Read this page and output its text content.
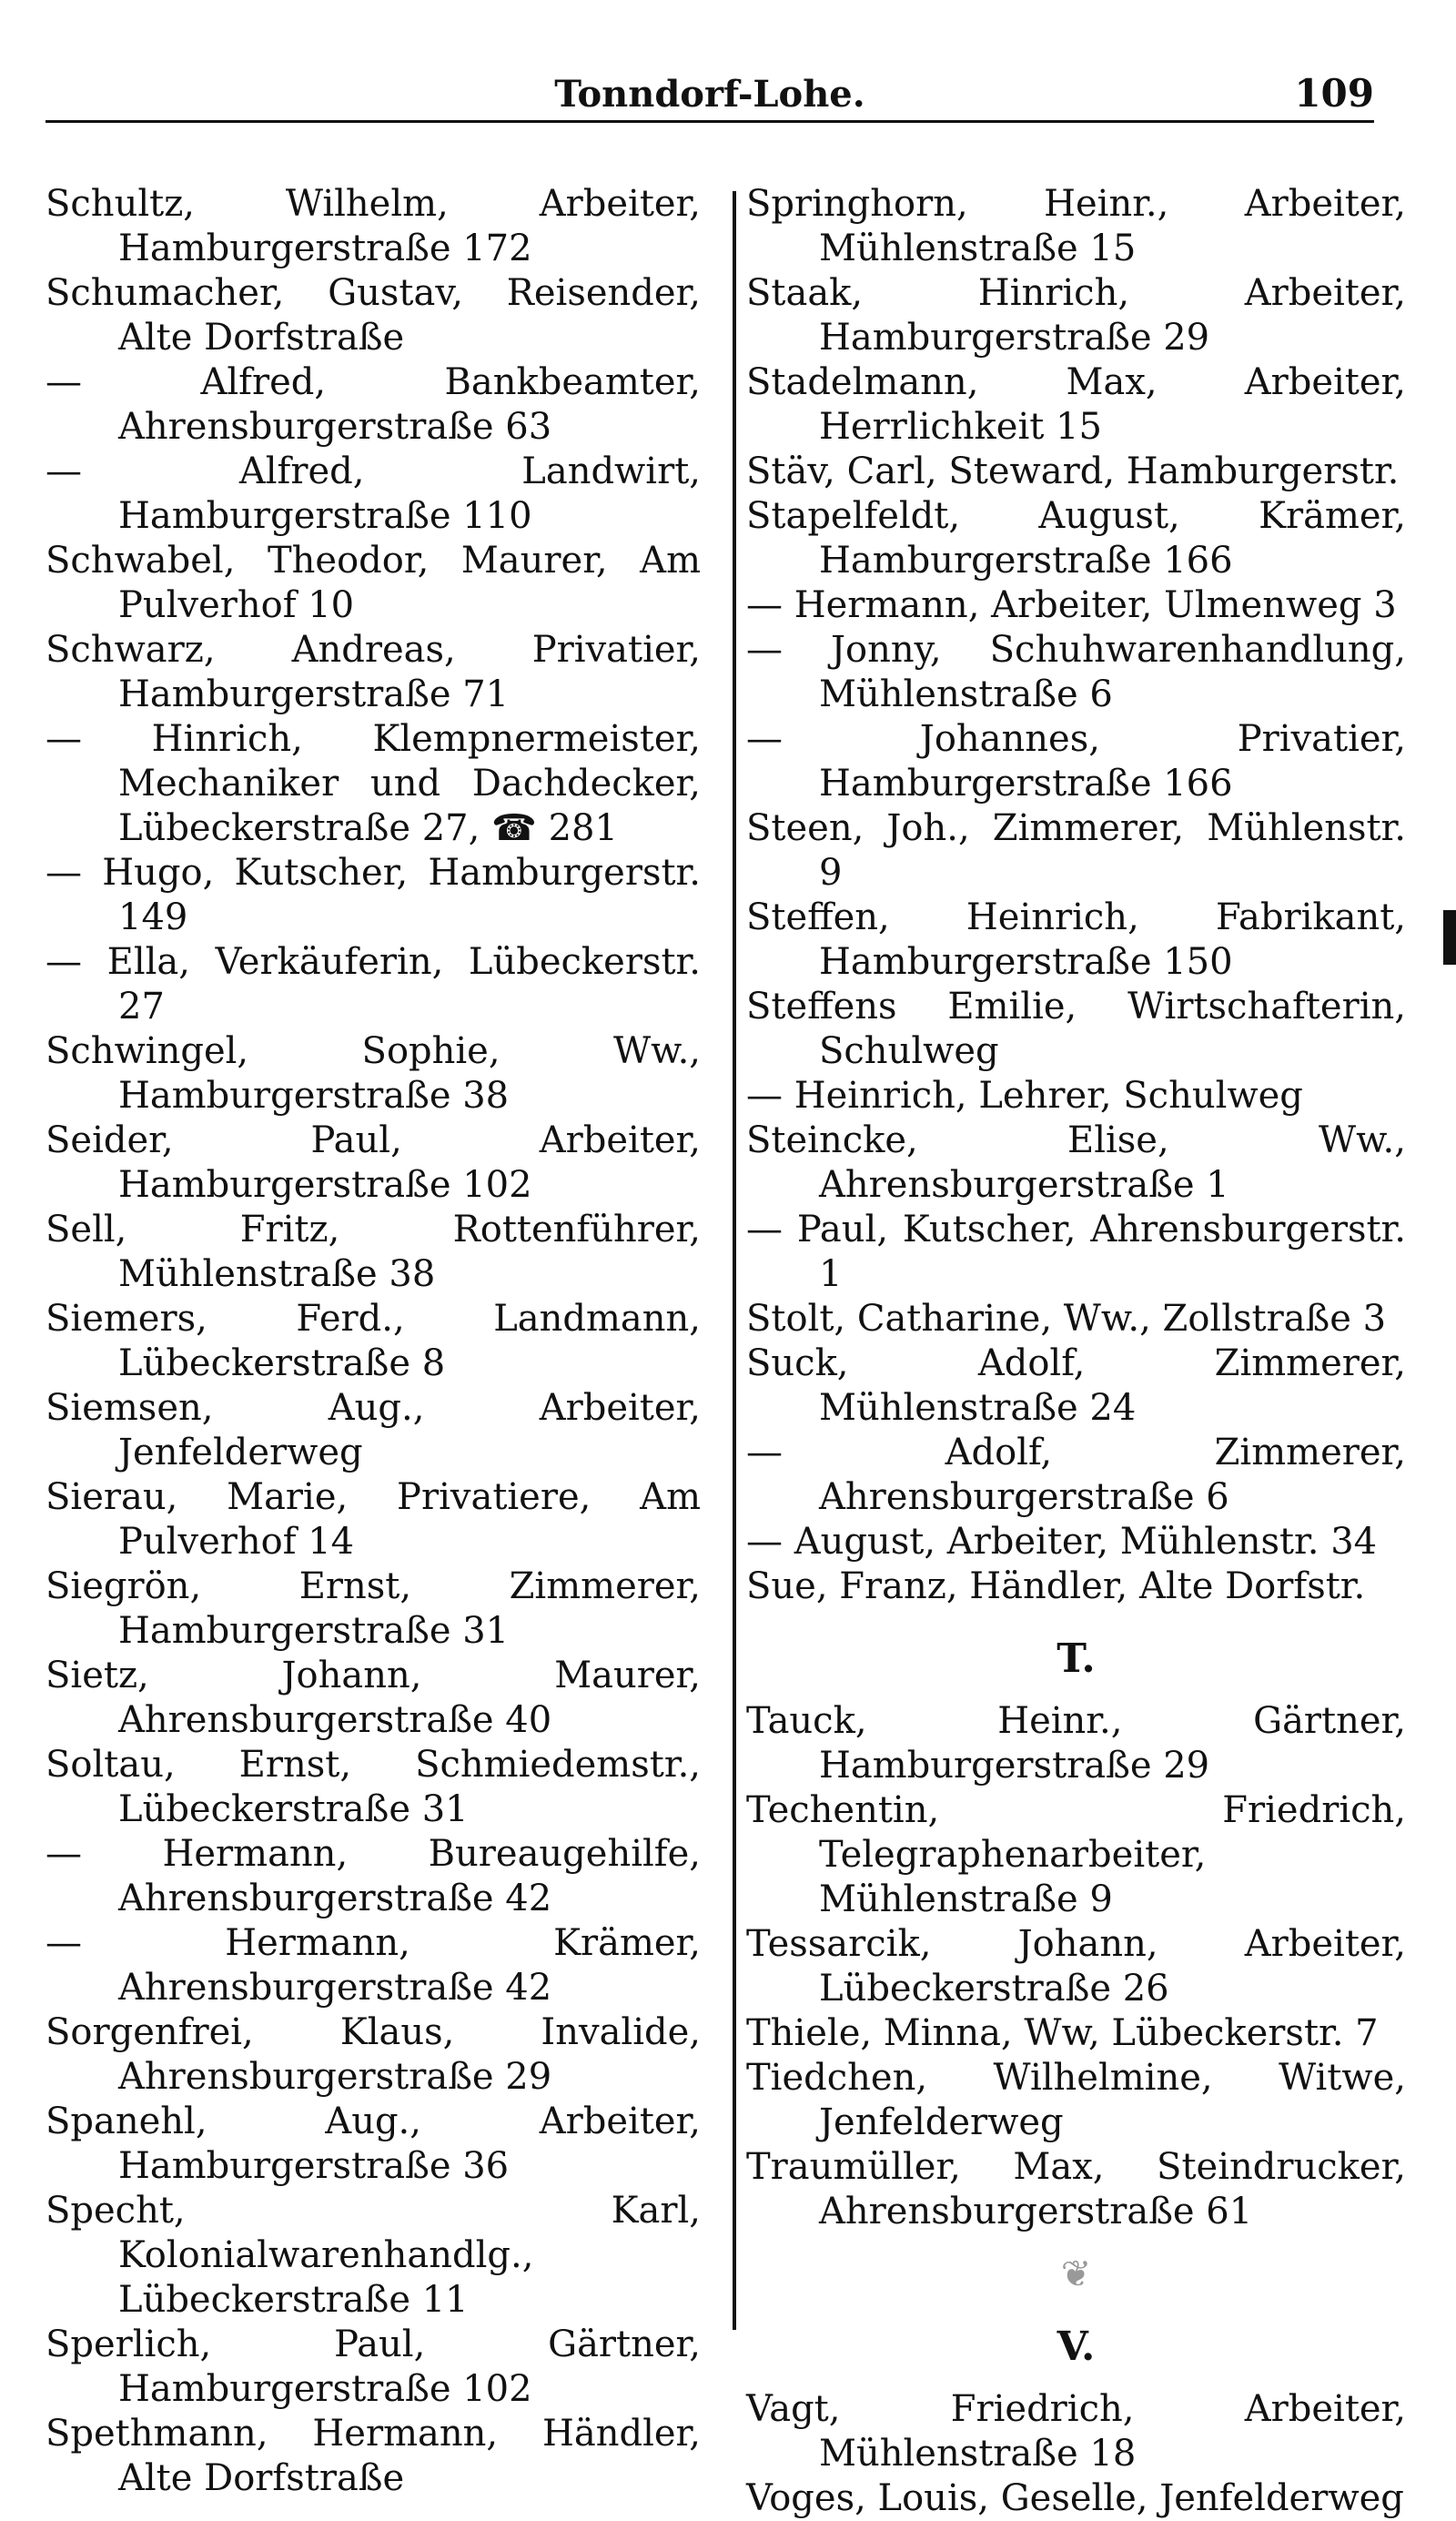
Tonndorf-Lohe.	109

Schultz, Wilhelm, Arbeiter, Hamburgerstraße 172

Schumacher, Gustav, Reisender, Alte Dorfstraße

— Alfred, Bankbeamter, Ahrensburgerstraße 63

— Alfred, Landwirt, Hamburgerstraße 110

Schwabel, Theodor, Maurer, Am Pulverhof 10

Schwarz, Andreas, Privatier, Hamburgerstraße 71

— Hinrich, Klempnermeister, Mechaniker und Dachdecker, Lübeckerstraße 27, ☎ 281

— Hugo, Kutscher, Hamburgerstr. 149

— Ella, Verkäuferin, Lübeckerstr. 27

Schwingel, Sophie, Ww., Hamburgerstraße 38

Seider, Paul, Arbeiter, Hamburgerstraße 102

Sell, Fritz, Rottenführer, Mühlenstraße 38

Siemers, Ferd., Landmann, Lübeckerstraße 8

Siemsen, Aug., Arbeiter, Jenfelderweg

Sierau, Marie, Privatiere, Am Pulverhof 14

Siegrön, Ernst, Zimmerer, Hamburgerstraße 31

Sietz, Johann, Maurer, Ahrensburgerstraße 40

Soltau, Ernst, Schmiedemstr., Lübeckerstraße 31

— Hermann, Bureaugehilfe, Ahrensburgerstraße 42

— Hermann, Krämer, Ahrensburgerstraße 42

Sorgenfrei, Klaus, Invalide, Ahrensburgerstraße 29

Spanehl, Aug., Arbeiter, Hamburgerstraße 36

Specht, Karl, Kolonialwarenhandlg., Lübeckerstraße 11

Sperlich, Paul, Gärtner, Hamburgerstraße 102

Spethmann, Hermann, Händler, Alte Dorfstraße

Springhorn, Heinr., Arbeiter, Mühlenstraße 15

Staak, Hinrich, Arbeiter, Hamburgerstraße 29

Stadelmann, Max, Arbeiter, Herrlichkeit 15

Stäv, Carl, Steward, Hamburgerstr.

Stapelfeldt, August, Krämer, Hamburgerstraße 166

— Hermann, Arbeiter, Ulmenweg 3

— Jonny, Schuhwarenhandlung, Mühlenstraße 6

— Johannes, Privatier, Hamburgerstraße 166

Steen, Joh., Zimmerer, Mühlenstr. 9

Steffen, Heinrich, Fabrikant, Hamburgerstraße 150

Steffens Emilie, Wirtschafterin, Schulweg

— Heinrich, Lehrer, Schulweg

Steincke, Elise, Ww., Ahrensburgerstraße 1

— Paul, Kutscher, Ahrensburgerstr. 1

Stolt, Catharine, Ww., Zollstraße 3

Suck, Adolf, Zimmerer, Mühlenstraße 24

— Adolf, Zimmerer, Ahrensburgerstraße 6

— August, Arbeiter, Mühlenstr. 34

Sue, Franz, Händler, Alte Dorfstr.

T.

Tauck, Heinr., Gärtner, Hamburgerstraße 29

Techentin, Friedrich, Telegraphenarbeiter, Mühlenstraße 9

Tessarcik, Johann, Arbeiter, Lübeckerstraße 26

Thiele, Minna, Ww, Lübeckerstr. 7

Tiedchen, Wilhelmine, Witwe, Jenfelderweg

Traumüller, Max, Steindrucker, Ahrensburgerstraße 61

❦
V.

Vagt, Friedrich, Arbeiter, Mühlenstraße 18

Voges, Louis, Geselle, Jenfelderweg
